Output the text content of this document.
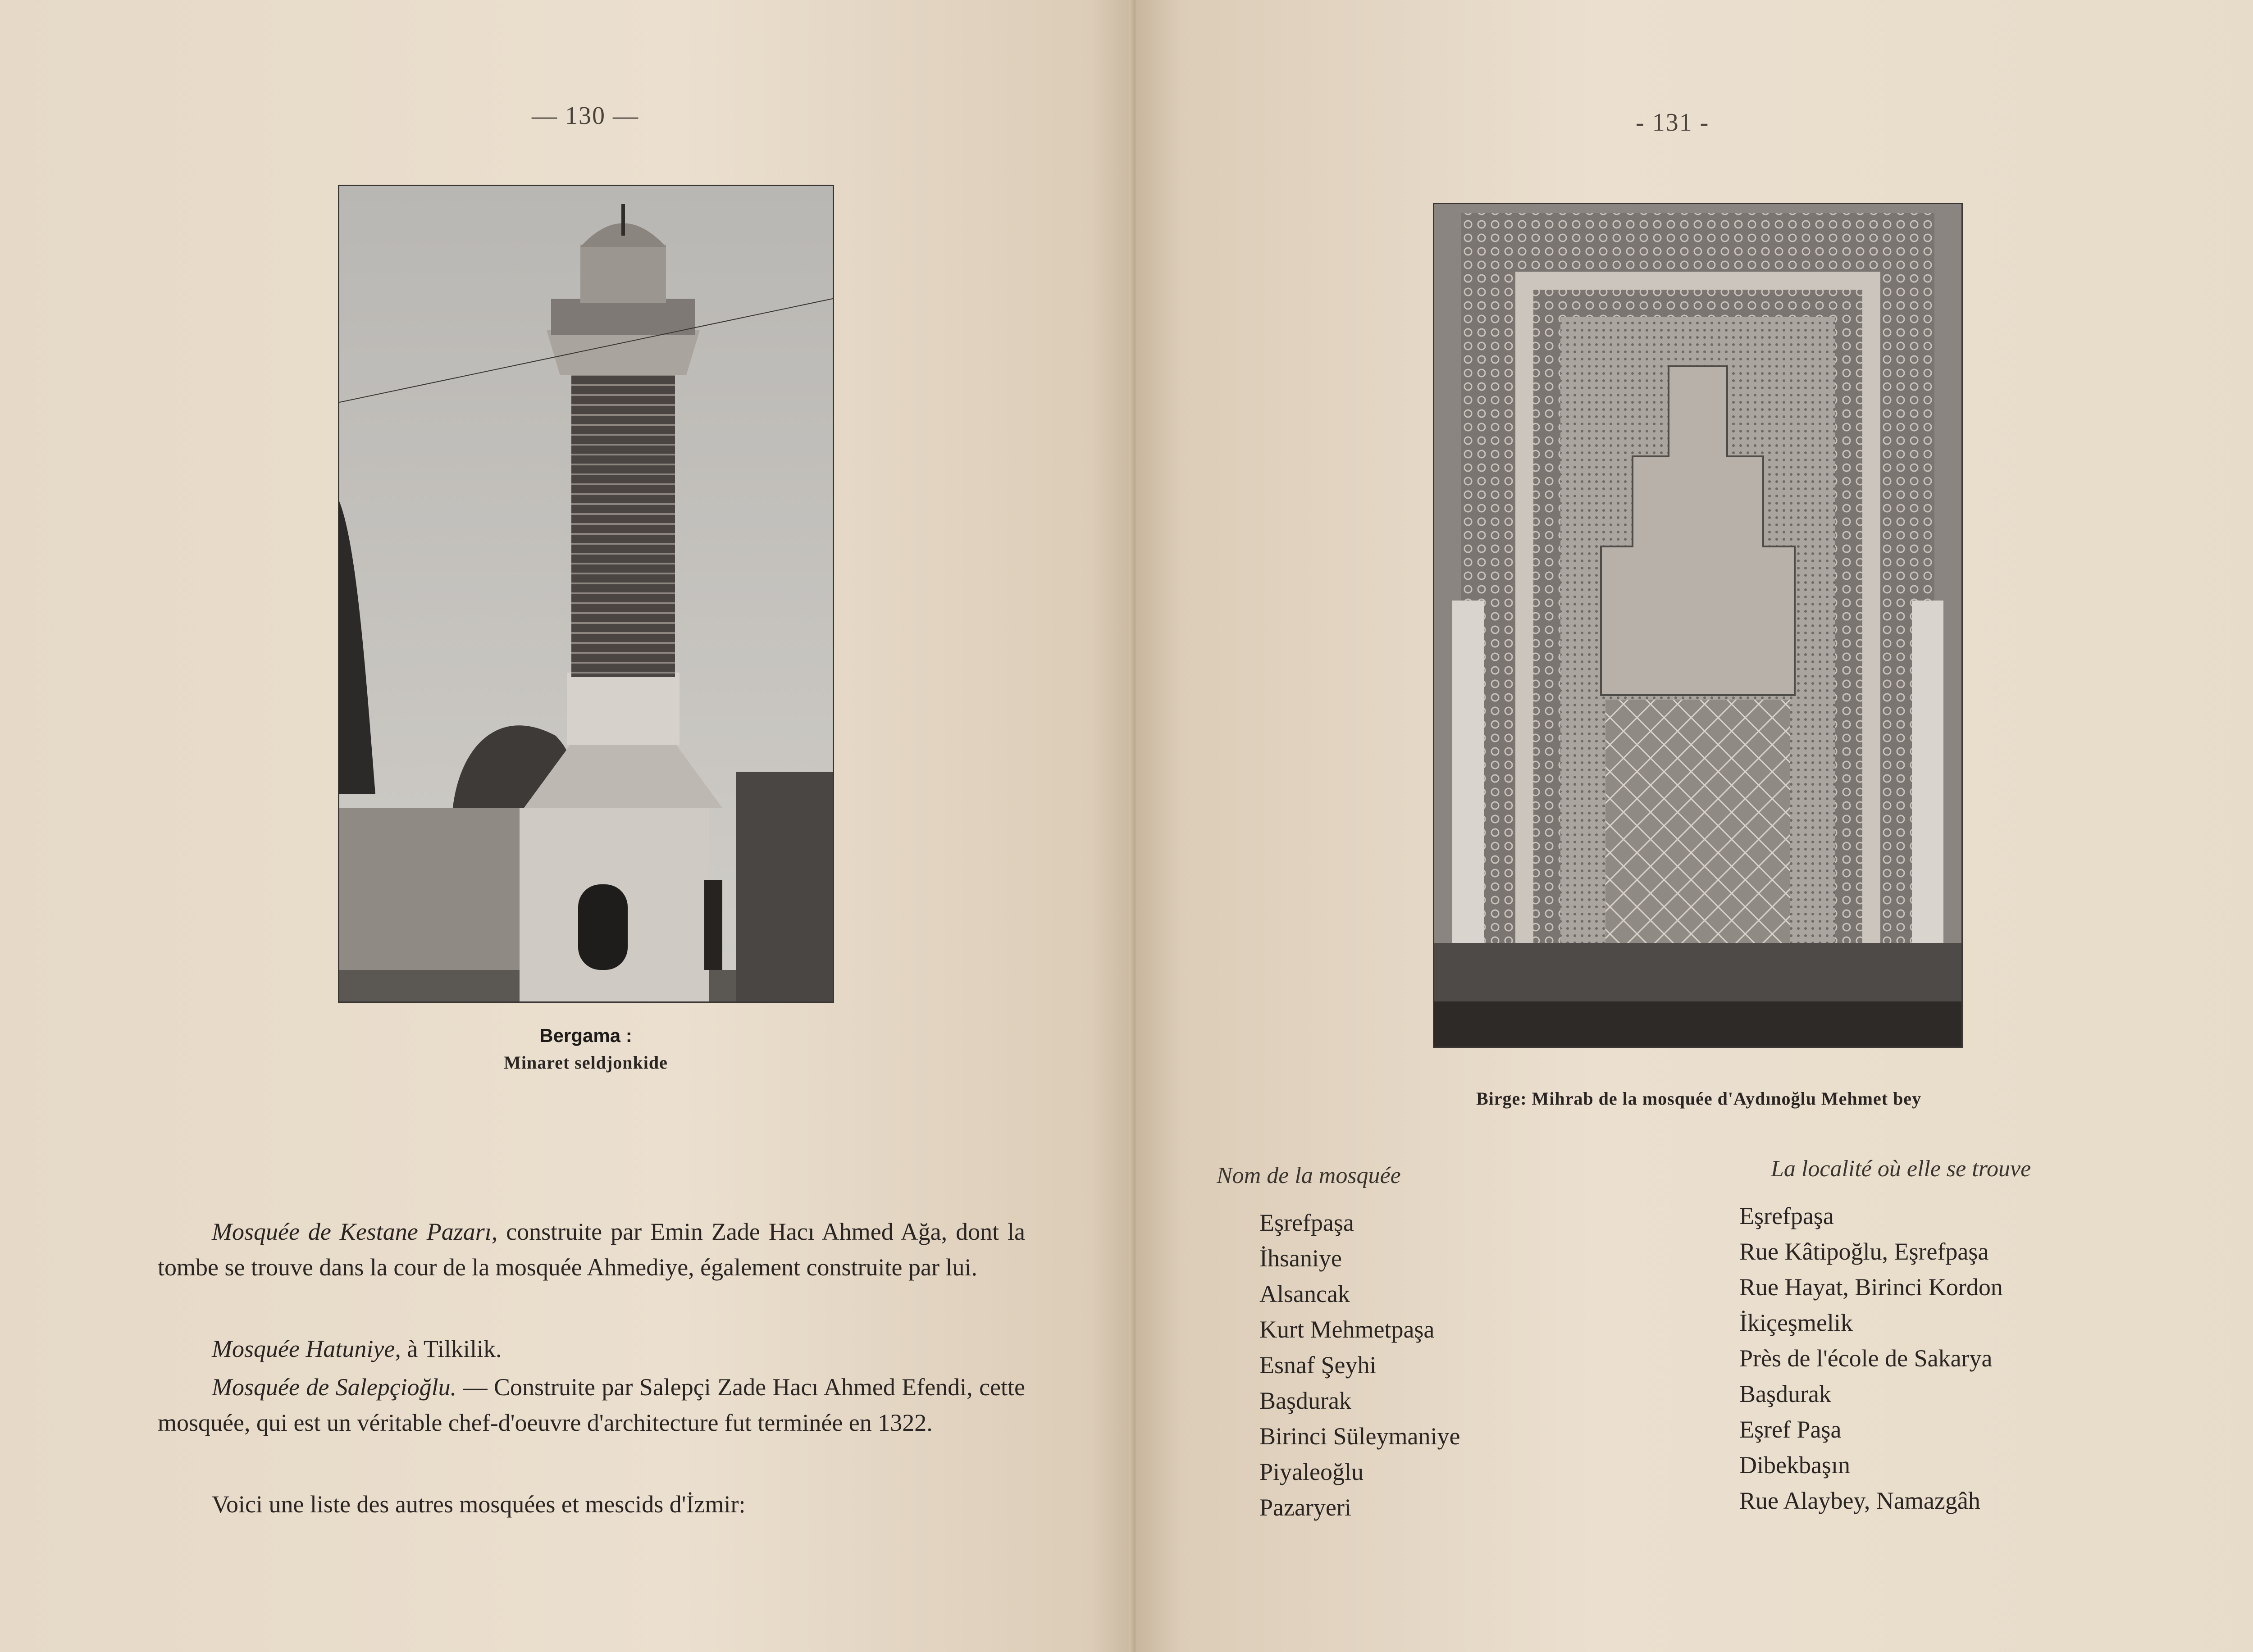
— 130 —
Bergama :
Minaret seldjonkide

Mosquée de Kestane Pazarı, construite par Emin Zade Hacı Ahmed Ağa, dont la tombe se trouve dans la cour de la mosquée Ahmediye, également construite par lui.

Mosquée Hatuniye, à Tilkilik.

Mosquée de Salepçioğlu. — Construite par Salepçi Zade Hacı Ahmed Efendi, cette mosquée, qui est un véritable chef-d'oeuvre d'architecture fut terminée en 1322.

Voici une liste des autres mosquées et mescids d'İzmir:

- 131 -
Birge: Mihrab de la mosquée d'Aydınoğlu Mehmet bey
Nom de la mosquée	La localité où elle se trouve
Eşrefpaşa
İhsaniye
Alsancak
Kurt Mehmetpaşa
Esnaf Şeyhi
Başdurak
Birinci Süleymaniye
Piyaleoğlu
Pazaryeri
Eşrefpaşa
Rue Kâtipoğlu, Eşrefpaşa
Rue Hayat, Birinci Kordon
İkiçeşmelik
Près de l'école de Sakarya
Başdurak
Eşref Paşa
Dibekbaşın
Rue Alaybey, Namazgâh
